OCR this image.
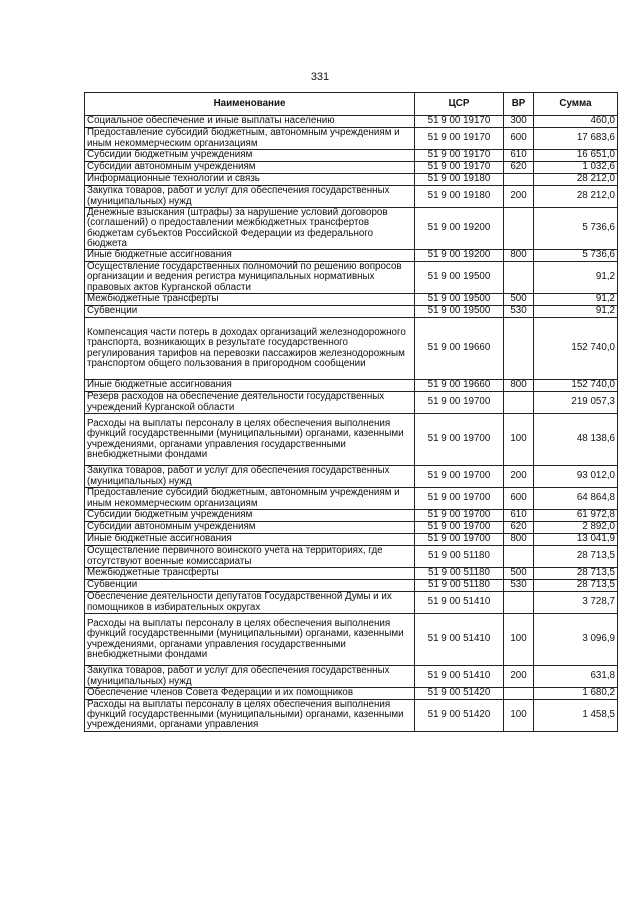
331
Наименование	ЦСР	ВР	Сумма
Социальное обеспечение и иные выплаты населению	51 9 00 19170	300	460,0
Предоставление субсидий бюджетным, автономным учреждениям и иным некоммерческим организациям	51 9 00 19170	600	17 683,6
Субсидии бюджетным учреждениям	51 9 00 19170	610	16 651,0
Субсидии автономным учреждениям	51 9 00 19170	620	1 032,6
Информационные технологии и связь	51 9 00 19180		28 212,0
Закупка товаров, работ и услуг для обеспечения государственных (муниципальных) нужд	51 9 00 19180	200	28 212,0
Денежные взыскания (штрафы) за нарушение условий договоров (соглашений) о предоставлении межбюджетных трансфертов бюджетам субъектов Российской Федерации из федерального бюджета	51 9 00 19200		5 736,6
Иные бюджетные ассигнования	51 9 00 19200	800	5 736,6
Осуществление государственных полномочий по решению вопросов организации и ведения регистра муниципальных нормативных правовых актов Курганской области	51 9 00 19500		91,2
Межбюджетные трансферты	51 9 00 19500	500	91,2
Субвенции	51 9 00 19500	530	91,2
Компенсация части потерь в доходах организаций железнодорожного транспорта, возникающих в результате государственного регулирования тарифов на перевозки пассажиров железнодорожным транспортом общего пользования в пригородном сообщении	51 9 00 19660		152 740,0
Иные бюджетные ассигнования	51 9 00 19660	800	152 740,0
Резерв расходов на обеспечение деятельности государственных учреждений Курганской области	51 9 00 19700		219 057,3
Расходы на выплаты персоналу в целях обеспечения выполнения функций государственными (муниципальными) органами, казенными учреждениями, органами управления государственными внебюджетными фондами	51 9 00 19700	100	48 138,6
Закупка товаров, работ и услуг для обеспечения государственных (муниципальных) нужд	51 9 00 19700	200	93 012,0
Предоставление субсидий бюджетным, автономным учреждениям и иным некоммерческим организациям	51 9 00 19700	600	64 864,8
Субсидии бюджетным учреждениям	51 9 00 19700	610	61 972,8
Субсидии автономным учреждениям	51 9 00 19700	620	2 892,0
Иные бюджетные ассигнования	51 9 00 19700	800	13 041,9
Осуществление первичного воинского учета на территориях, где отсутствуют военные комиссариаты	51 9 00 51180		28 713,5
Межбюджетные трансферты	51 9 00 51180	500	28 713,5
Субвенции	51 9 00 51180	530	28 713,5
Обеспечение деятельности депутатов Государственной Думы и их помощников в избирательных округах	51 9 00 51410		3 728,7
Расходы на выплаты персоналу в целях обеспечения выполнения функций государственными (муниципальными) органами, казенными учреждениями, органами управления государственными внебюджетными фондами	51 9 00 51410	100	3 096,9
Закупка товаров, работ и услуг для обеспечения государственных (муниципальных) нужд	51 9 00 51410	200	631,8
Обеспечение членов Совета Федерации и их помощников	51 9 00 51420		1 680,2
Расходы на выплаты персоналу в целях обеспечения выполнения функций государственными (муниципальными) органами, казенными учреждениями, органами управления	51 9 00 51420	100	1 458,5
